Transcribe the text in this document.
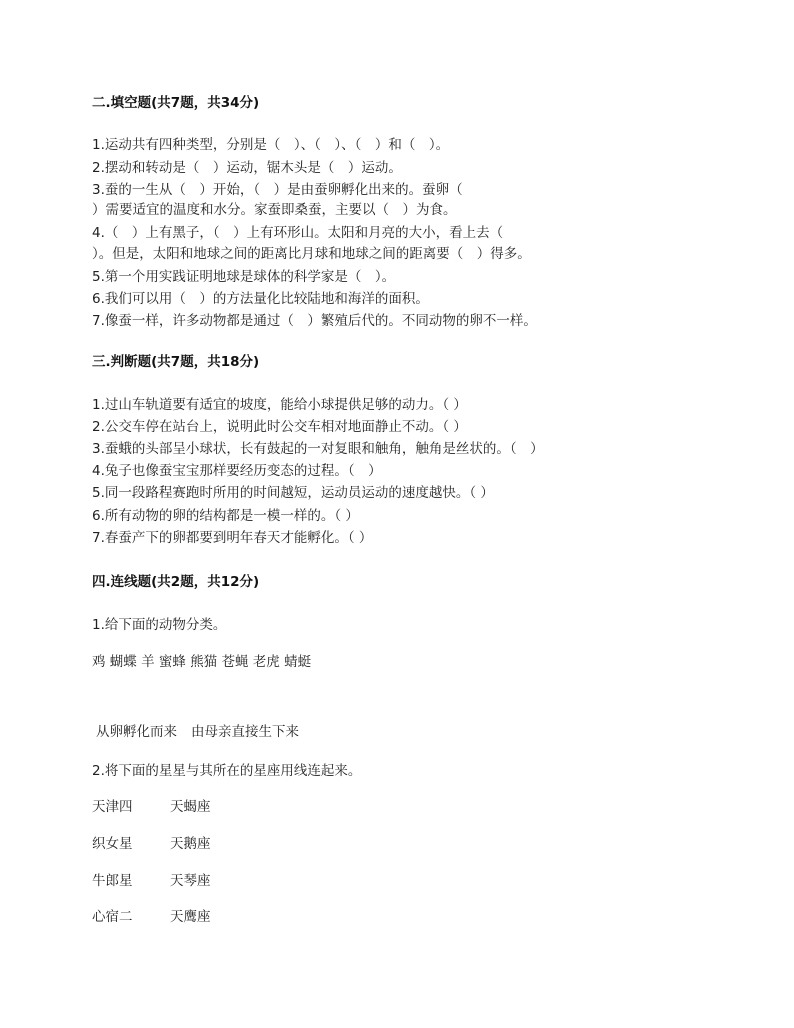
二.填空题(共7题，共34分)
1.运动共有四种类型，分别是（　）、（　）、（　）和（　）。
2.摆动和转动是（　）运动，锯木头是（　）运动。
3.蚕的一生从（　）开始，（　）是由蚕卵孵化出来的。蚕卵（
）需要适宜的温度和水分。家蚕即桑蚕，主要以（　）为食。
4.（　）上有黑子，（　）上有环形山。太阳和月亮的大小，看上去（
）。但是，太阳和地球之间的距离比月球和地球之间的距离要（　）得多。
5.第一个用实践证明地球是球体的科学家是（　）。
6.我们可以用（　）的方法量化比较陆地和海洋的面积。
7.像蚕一样，许多动物都是通过（　）繁殖后代的。不同动物的卵不一样。
三.判断题(共7题，共18分)
1.过山车轨道要有适宜的坡度，能给小球提供足够的动力。（ ）
2.公交车停在站台上，说明此时公交车相对地面静止不动。（ ）
3.蚕蛾的头部呈小球状，长有鼓起的一对复眼和触角，触角是丝状的。（　）
4.兔子也像蚕宝宝那样要经历变态的过程。（　）
5.同一段路程赛跑时所用的时间越短，运动员运动的速度越快。（ ）
6.所有动物的卵的结构都是一模一样的。（ ）
7.春蚕产下的卵都要到明年春天才能孵化。（ ）
四.连线题(共2题，共12分)
1.给下面的动物分类。
鸡 蝴蝶 羊 蜜蜂 熊猫 苍蝇 老虎 蜻蜓
从卵孵化而来 由母亲直接生下来
2.将下面的星星与其所在的星座用线连起来。
天津四	天蝎座
织女星	天鹅座
牛郎星	天琴座
心宿二	天鹰座
